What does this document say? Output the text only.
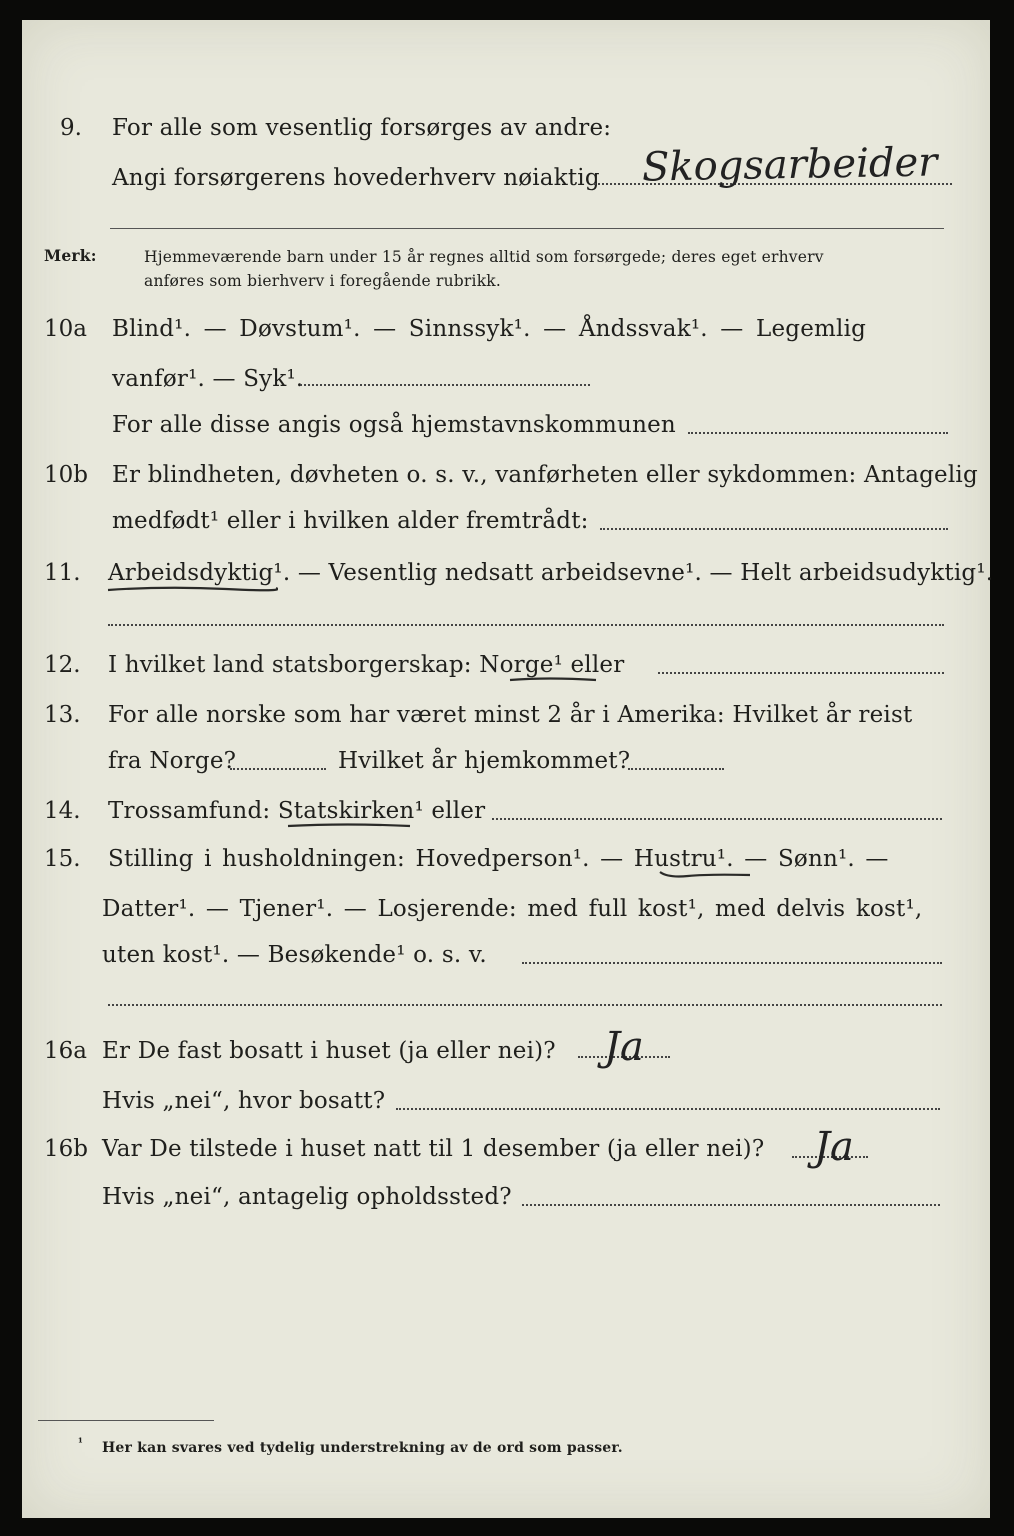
9. For alle som vesentlig forsørges av andre:
Angi forsørgerens hovederhverv nøiaktig Skogsarbeider
Merk:	Hjemmeværende barn under 15 år regnes alltid som forsørgede; deres eget erhverv
anføres som bierhverv i foregående rubrikk.
10a Blind¹. — Døvstum¹. — Sinnssyk¹. — Åndssvak¹. — Legemlig
vanfør¹. — Syk¹.
For alle disse angis også hjemstavnskommunen
10b Er blindheten, døvheten o. s. v., vanførheten eller sykdommen: Antagelig
medfødt¹ eller i hvilken alder fremtrådt:
11. Arbeidsdyktig¹. — Vesentlig nedsatt arbeidsevne¹. — Helt arbeidsudyktig¹.
12. I hvilket land statsborgerskap: Norge¹ eller
13. For alle norske som har været minst 2 år i Amerika: Hvilket år reist
fra Norge?	Hvilket år hjemkommet?
14. Trossamfund: Statskirken¹ eller
15. Stilling i husholdningen: Hovedperson¹. — Hustru¹. — Sønn¹. —
Datter¹. — Tjener¹. — Losjerende: med full kost¹, med delvis kost¹,
uten kost¹. — Besøkende¹ o. s. v.
16a Er De fast bosatt i huset (ja eller nei)? Ja
Hvis „nei“, hvor bosatt?
16b Var De tilstede i huset natt til 1 desember (ja eller nei)? Ja
Hvis „nei“, antagelig opholdssted?
¹ Her kan svares ved tydelig understrekning av de ord som passer.
